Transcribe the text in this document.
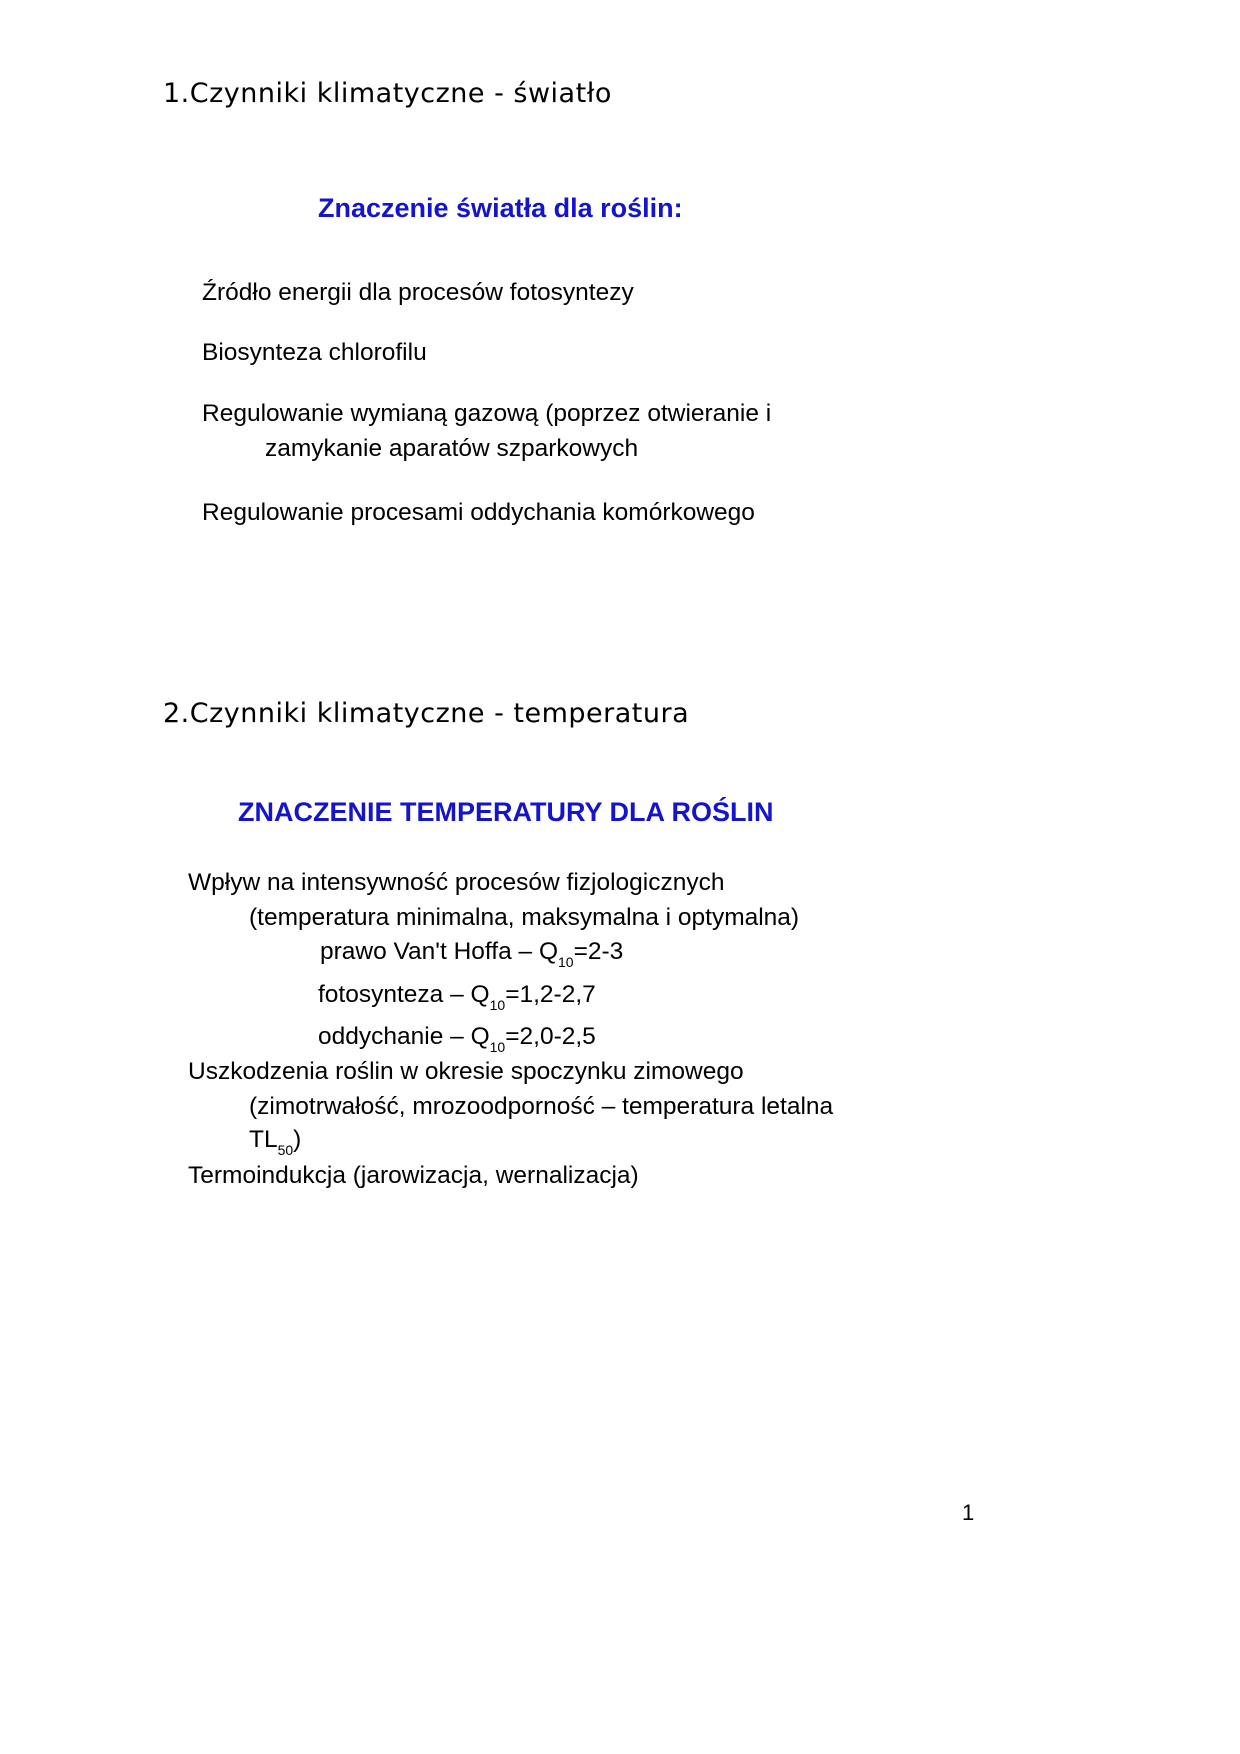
1.Czynniki klimatyczne - światło
Znaczenie światła dla roślin:
Źródło energii dla procesów fotosyntezy
Biosynteza chlorofilu
Regulowanie wymianą gazową (poprzez otwieranie i
zamykanie aparatów szparkowych
Regulowanie procesami oddychania komórkowego
2.Czynniki klimatyczne - temperatura
ZNACZENIE TEMPERATURY DLA ROŚLIN
Wpływ na intensywność procesów fizjologicznych
(temperatura minimalna, maksymalna i optymalna)
prawo Van't Hoffa – $Q_{10}=2-3$
fotosynteza – $Q_{10}=1,2-2,7$
oddychanie – $Q_{10}=2,0-2,5$
Uszkodzenia roślin w okresie spoczynku zimowego
(zimotrwałość, mrozoodporność – temperatura letalna
$TL_{50}$)
Termoindukcja (jarowizacja, wernalizacja)
1
